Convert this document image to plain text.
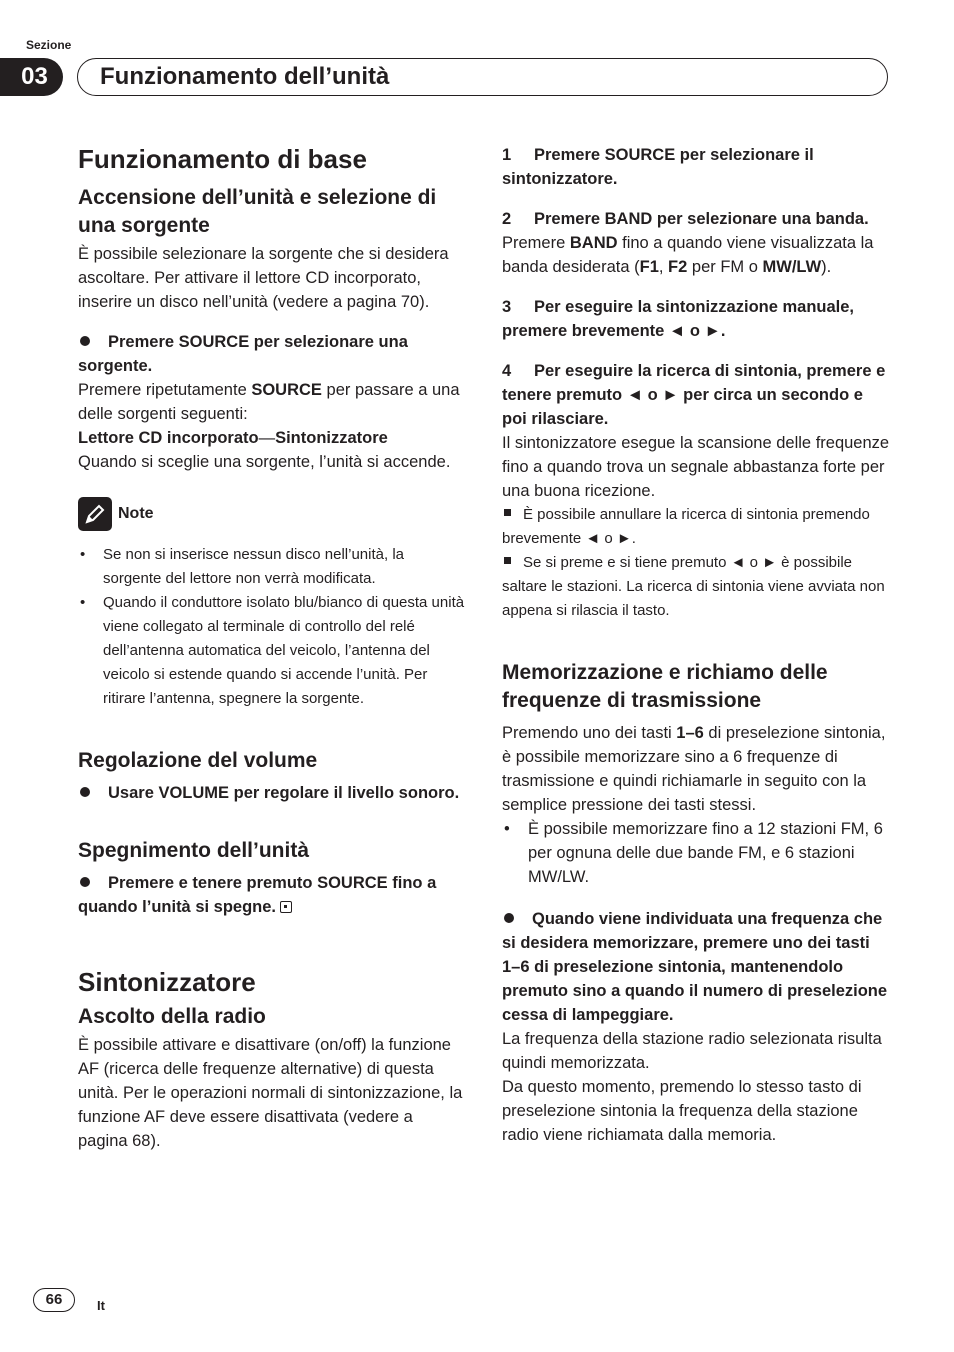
Sezione
03	Funzionamento dell’unità
Funzionamento di base
Accensione dell’unità e selezione di una sorgente

È possibile selezionare la sorgente che si desidera ascoltare. Per attivare il lettore CD incorporato, inserire un disco nell’unità (vedere a pagina 70).

Premere SOURCE per selezionare una sorgente.

Premere ripetutamente SOURCE per passare a una delle sorgenti seguenti:

Lettore CD incorporato—Sintonizzatore

Quando si sceglie una sorgente, l’unità si accende.

Note
• Se non si inserisce nessun disco nell’unità, la sorgente del lettore non verrà modificata.
• Quando il conduttore isolato blu/bianco di questa unità viene collegato al terminale di controllo del relé dell’antenna automatica del veicolo, l’antenna del veicolo si estende quando si accende l’unità. Per ritirare l’antenna, spegnere la sorgente.
Regolazione del volume

Usare VOLUME per regolare il livello sonoro.

Spegnimento dell’unità

Premere e tenere premuto SOURCE fino a quando l’unità si spegne.

Sintonizzatore
Ascolto della radio

È possibile attivare e disattivare (on/off) la funzione AF (ricerca delle frequenze alternative) di questa unità. Per le operazioni normali di sintonizzazione, la funzione AF deve essere disattivata (vedere a pagina 68).

1 Premere SOURCE per selezionare il sintonizzatore.

2 Premere BAND per selezionare una banda.

Premere BAND fino a quando viene visualizzata la banda desiderata (F1, F2 per FM o MW/LW).

3 Per eseguire la sintonizzazione manuale, premere brevemente ◄ o ►.

4 Per eseguire la ricerca di sintonia, premere e tenere premuto ◄ o ► per circa un secondo e poi rilasciare.

Il sintonizzatore esegue la scansione delle frequenze fino a quando trova un segnale abbastanza forte per una buona ricezione.

È possibile annullare la ricerca di sintonia premendo brevemente ◄ o ►.

Se si preme e si tiene premuto ◄ o ► è possibile saltare le stazioni. La ricerca di sintonia viene avviata non appena si rilascia il tasto.

Memorizzazione e richiamo delle frequenze di trasmissione

Premendo uno dei tasti 1–6 di preselezione sintonia, è possibile memorizzare sino a 6 frequenze di trasmissione e quindi richiamarle in seguito con la semplice pressione dei tasti stessi.

• È possibile memorizzare fino a 12 stazioni FM, 6 per ognuna delle due bande FM, e 6 stazioni MW/LW.

Quando viene individuata una frequenza che si desidera memorizzare, premere uno dei tasti 1–6 di preselezione sintonia, mantenendolo premuto sino a quando il numero di preselezione cessa di lampeggiare.

La frequenza della stazione radio selezionata risulta quindi memorizzata.

Da questo momento, premendo lo stesso tasto di preselezione sintonia la frequenza della stazione radio viene richiamata dalla memoria.

66	It
